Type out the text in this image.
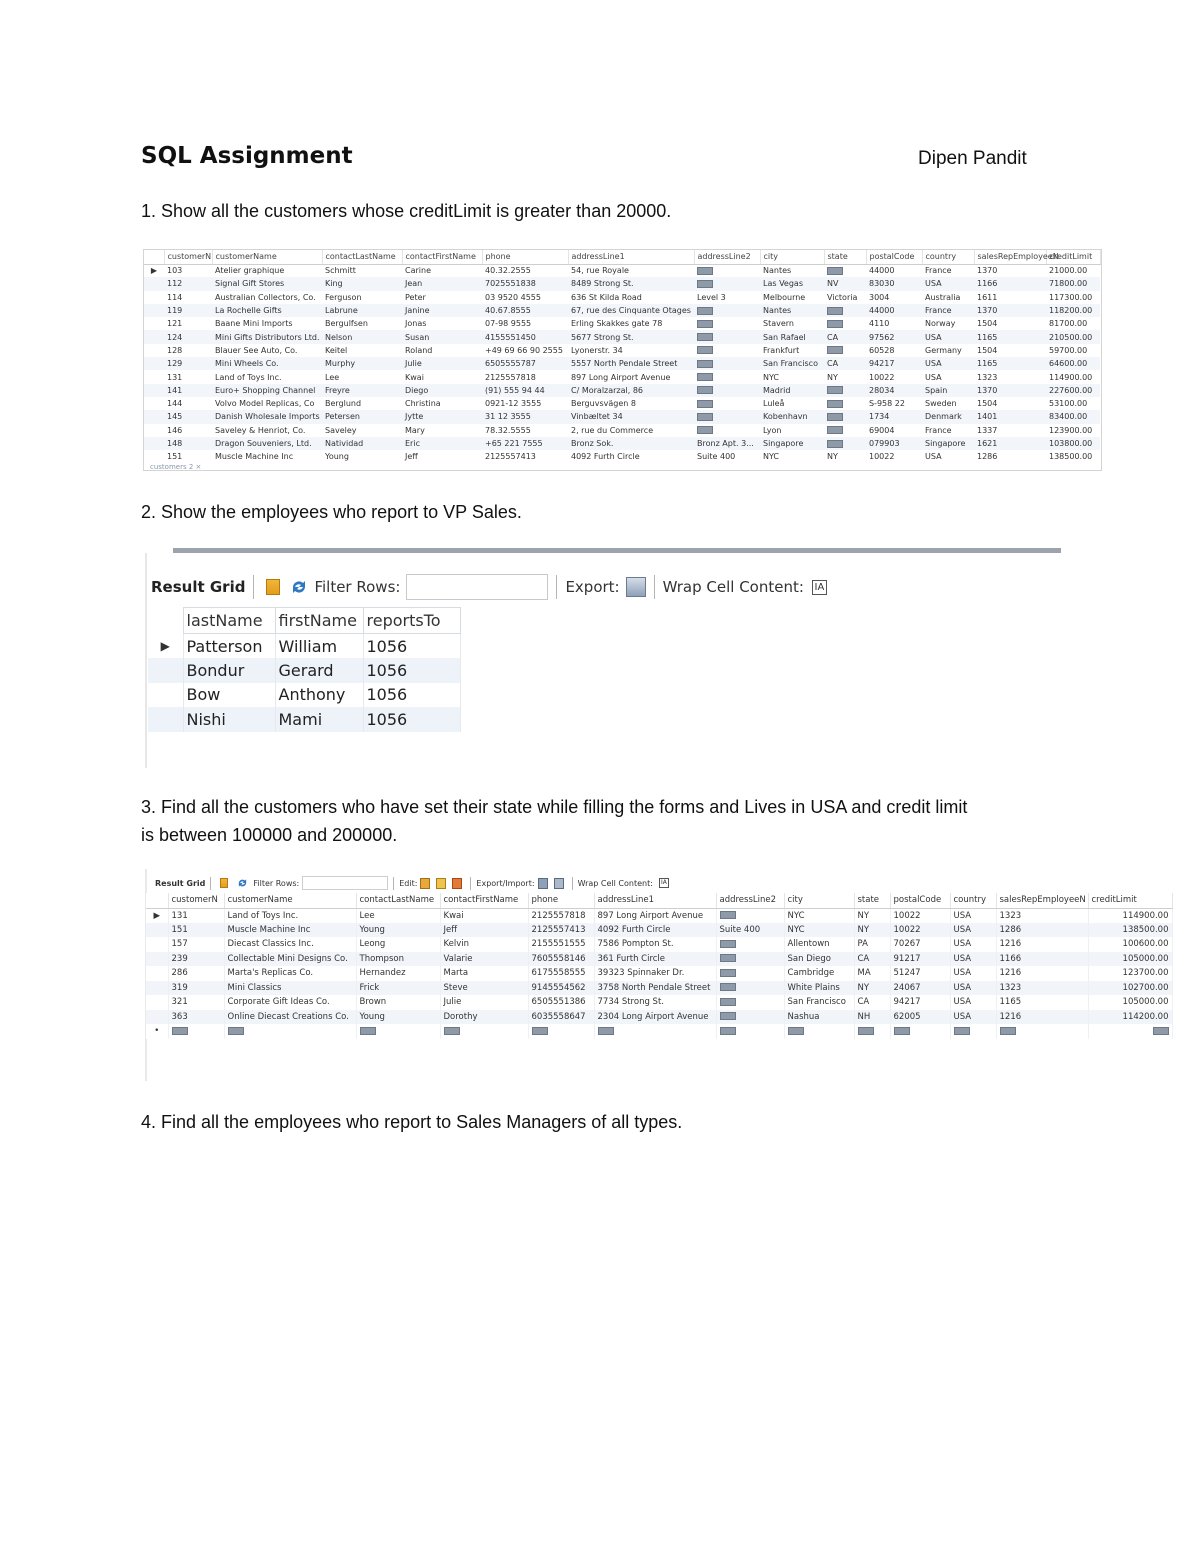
SQL Assignment	Dipen Pandit
1. Show all the customers whose creditLimit is greater than 20000.
	customerN	customerName	contactLastName	contactFirstName	phone	addressLine1	addressLine2	city	state	postalCode	country	salesRepEmployeeN	creditLimit
▶	103	Atelier graphique	Schmitt	Carine	40.32.2555	54, rue Royale		Nantes		44000	France	1370	21000.00
	112	Signal Gift Stores	King	Jean	7025551838	8489 Strong St.		Las Vegas	NV	83030	USA	1166	71800.00
	114	Australian Collectors, Co.	Ferguson	Peter	03 9520 4555	636 St Kilda Road	Level 3	Melbourne	Victoria	3004	Australia	1611	117300.00
	119	La Rochelle Gifts	Labrune	Janine	40.67.8555	67, rue des Cinquante Otages		Nantes		44000	France	1370	118200.00
	121	Baane Mini Imports	Bergulfsen	Jonas	07-98 9555	Erling Skakkes gate 78		Stavern		4110	Norway	1504	81700.00
	124	Mini Gifts Distributors Ltd.	Nelson	Susan	4155551450	5677 Strong St.		San Rafael	CA	97562	USA	1165	210500.00
	128	Blauer See Auto, Co.	Keitel	Roland	+49 69 66 90 2555	Lyonerstr. 34		Frankfurt		60528	Germany	1504	59700.00
	129	Mini Wheels Co.	Murphy	Julie	6505555787	5557 North Pendale Street		San Francisco	CA	94217	USA	1165	64600.00
	131	Land of Toys Inc.	Lee	Kwai	2125557818	897 Long Airport Avenue		NYC	NY	10022	USA	1323	114900.00
	141	Euro+ Shopping Channel	Freyre	Diego	(91) 555 94 44	C/ Moralzarzal, 86		Madrid		28034	Spain	1370	227600.00
	144	Volvo Model Replicas, Co	Berglund	Christina	0921-12 3555	Berguvsvägen 8		Luleå		S-958 22	Sweden	1504	53100.00
	145	Danish Wholesale Imports	Petersen	Jytte	31 12 3555	Vinbæltet 34		Kobenhavn		1734	Denmark	1401	83400.00
	146	Saveley & Henriot, Co.	Saveley	Mary	78.32.5555	2, rue du Commerce		Lyon		69004	France	1337	123900.00
	148	Dragon Souveniers, Ltd.	Natividad	Eric	+65 221 7555	Bronz Sok.	Bronz Apt. 3...	Singapore		079903	Singapore	1621	103800.00
	151	Muscle Machine Inc	Young	Jeff	2125557413	4092 Furth Circle	Suite 400	NYC	NY	10022	USA	1286	138500.00
customers 2 ×
2. Show the employees who report to VP Sales.
Result Grid	Filter Rows:	Export:	Wrap Cell Content: IA
	lastName	firstName	reportsTo
▶	Patterson	William	1056
	Bondur	Gerard	1056
	Bow	Anthony	1056
	Nishi	Mami	1056
3. Find all the customers who have set their state while filling the forms and Lives in USA and credit limit
is between 100000 and 200000.
Result Grid	Filter Rows:	Edit:	Export/Import:	Wrap Cell Content:	IA
	customerN	customerName	contactLastName	contactFirstName	phone	addressLine1	addressLine2	city	state	postalCode	country	salesRepEmployeeN	creditLimit
▶	131	Land of Toys Inc.	Lee	Kwai	2125557818	897 Long Airport Avenue		NYC	NY	10022	USA	1323	114900.00
	151	Muscle Machine Inc	Young	Jeff	2125557413	4092 Furth Circle	Suite 400	NYC	NY	10022	USA	1286	138500.00
	157	Diecast Classics Inc.	Leong	Kelvin	2155551555	7586 Pompton St.		Allentown	PA	70267	USA	1216	100600.00
	239	Collectable Mini Designs Co.	Thompson	Valarie	7605558146	361 Furth Circle		San Diego	CA	91217	USA	1166	105000.00
	286	Marta's Replicas Co.	Hernandez	Marta	6175558555	39323 Spinnaker Dr.		Cambridge	MA	51247	USA	1216	123700.00
	319	Mini Classics	Frick	Steve	9145554562	3758 North Pendale Street		White Plains	NY	24067	USA	1323	102700.00
	321	Corporate Gift Ideas Co.	Brown	Julie	6505551386	7734 Strong St.		San Francisco	CA	94217	USA	1165	105000.00
	363	Online Diecast Creations Co.	Young	Dorothy	6035558647	2304 Long Airport Avenue		Nashua	NH	62005	USA	1216	114200.00
•													
4. Find all the employees who report to Sales Managers of all types.
